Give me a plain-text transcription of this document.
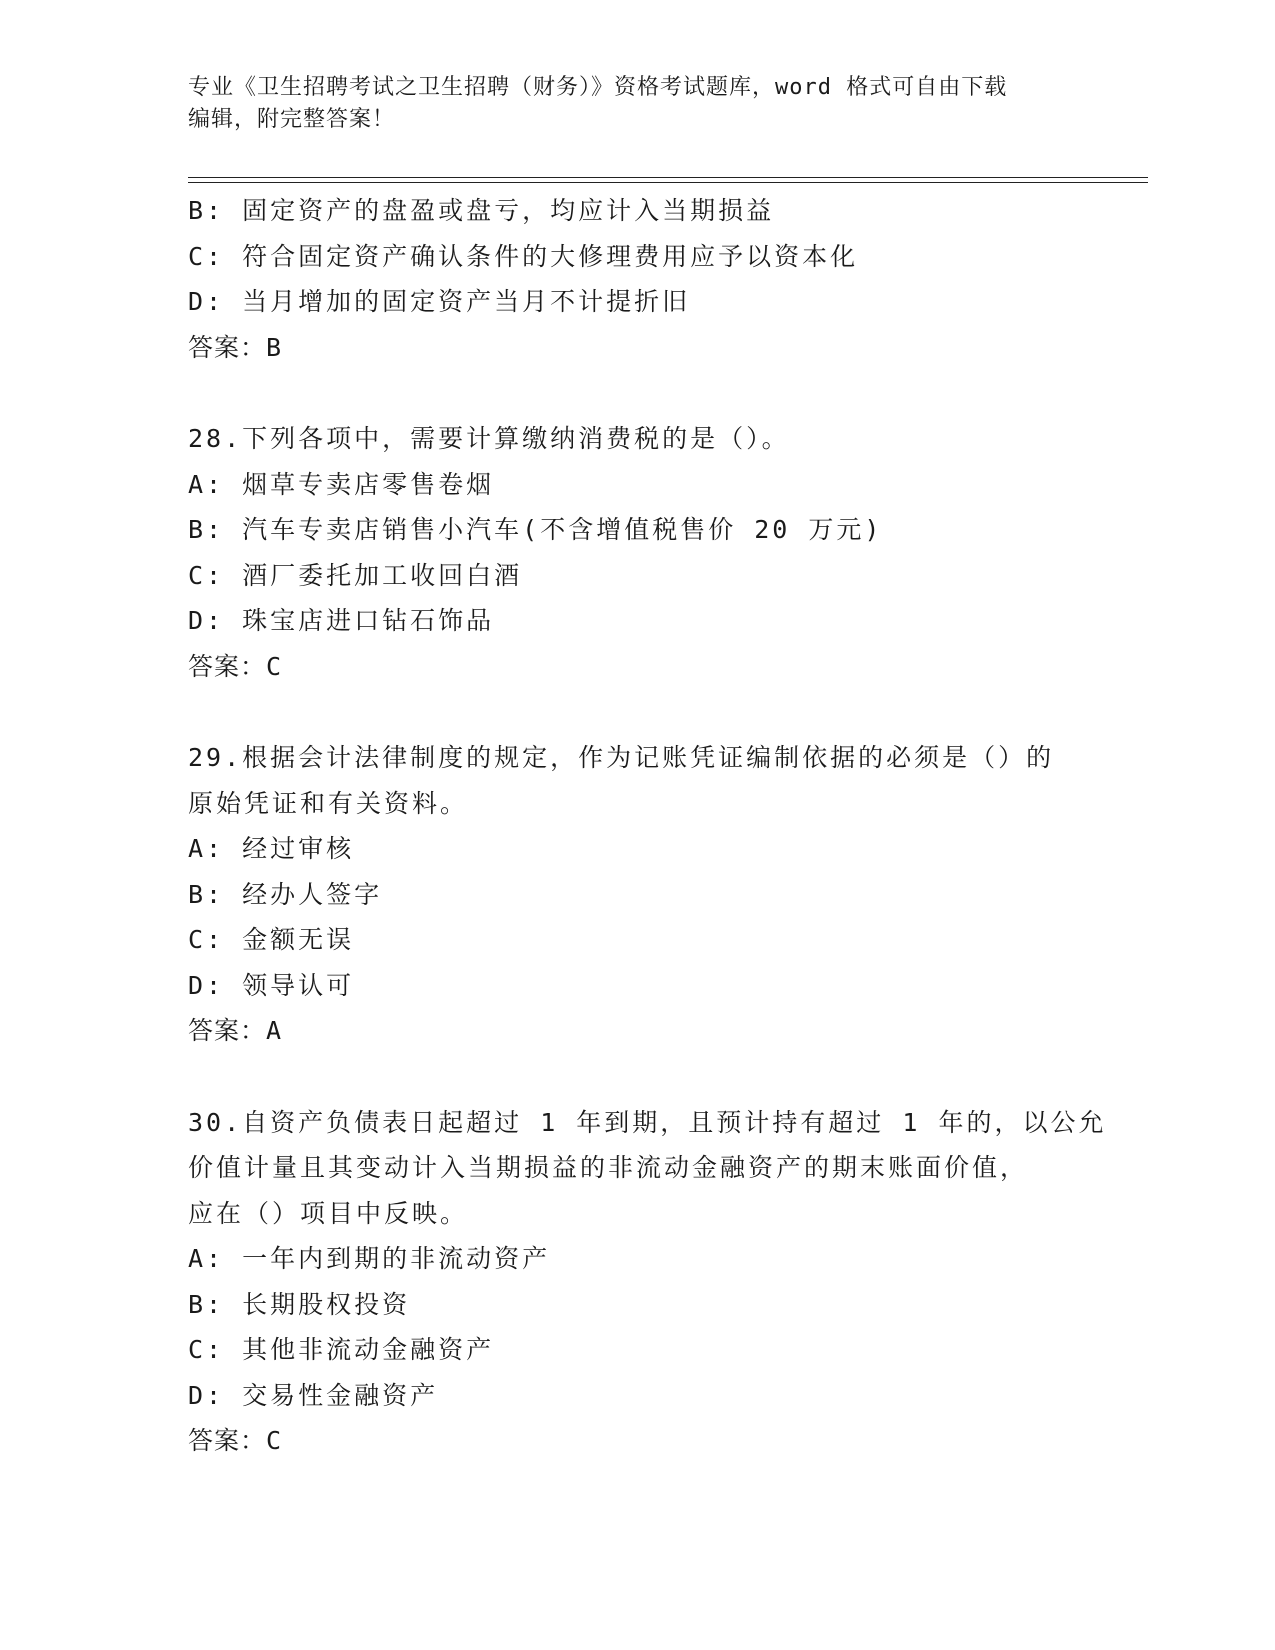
专业《卫生招聘考试之卫生招聘（财务）》资格考试题库，word 格式可自由下载
编辑，附完整答案！
B: 固定资产的盘盈或盘亏，均应计入当期损益
C: 符合固定资产确认条件的大修理费用应予以资本化
D: 当月增加的固定资产当月不计提折旧
答案：B
28.下列各项中，需要计算缴纳消费税的是（）。
A: 烟草专卖店零售卷烟
B: 汽车专卖店销售小汽车(不含增值税售价 20 万元)
C: 酒厂委托加工收回白酒
D: 珠宝店进口钻石饰品
答案：C
29.根据会计法律制度的规定，作为记账凭证编制依据的必须是（）的
原始凭证和有关资料。
A: 经过审核
B: 经办人签字
C: 金额无误
D: 领导认可
答案：A
30.自资产负债表日起超过 1 年到期，且预计持有超过 1 年的，以公允
价值计量且其变动计入当期损益的非流动金融资产的期末账面价值，
应在（）项目中反映。
A: 一年内到期的非流动资产
B: 长期股权投资
C: 其他非流动金融资产
D: 交易性金融资产
答案：C
